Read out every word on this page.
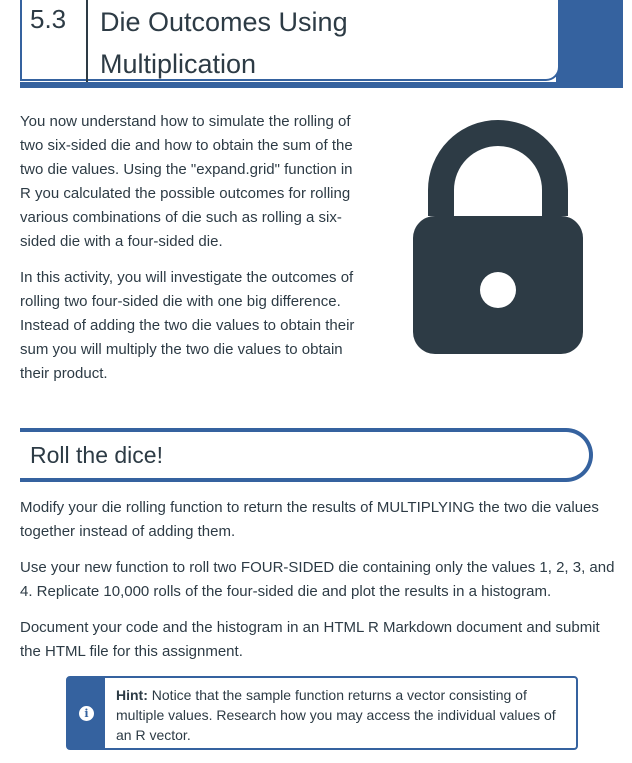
5.3 Die Outcomes Using Multiplication

You now understand how to simulate the rolling of two six-sided die and how to obtain the sum of the two die values. Using the "expand.grid" function in R you calculated the possible outcomes for rolling various combinations of die such as rolling a six-sided die with a four-sided die.

In this activity, you will investigate the outcomes of rolling two four-sided die with one big difference. Instead of adding the two die values to obtain their sum you will multiply the two die values to obtain their product.

Roll the dice!

Modify your die rolling function to return the results of MULTIPLYING the two die values together instead of adding them.

Use your new function to roll two FOUR-SIDED die containing only the values 1, 2, 3, and 4. Replicate 10,000 rolls of the four-sided die and plot the results in a histogram.

Document your code and the histogram in an HTML R Markdown document and submit the HTML file for this assignment.

i
Hint: Notice that the sample function returns a vector consisting of multiple values. Research how you may access the individual values of an R vector.
